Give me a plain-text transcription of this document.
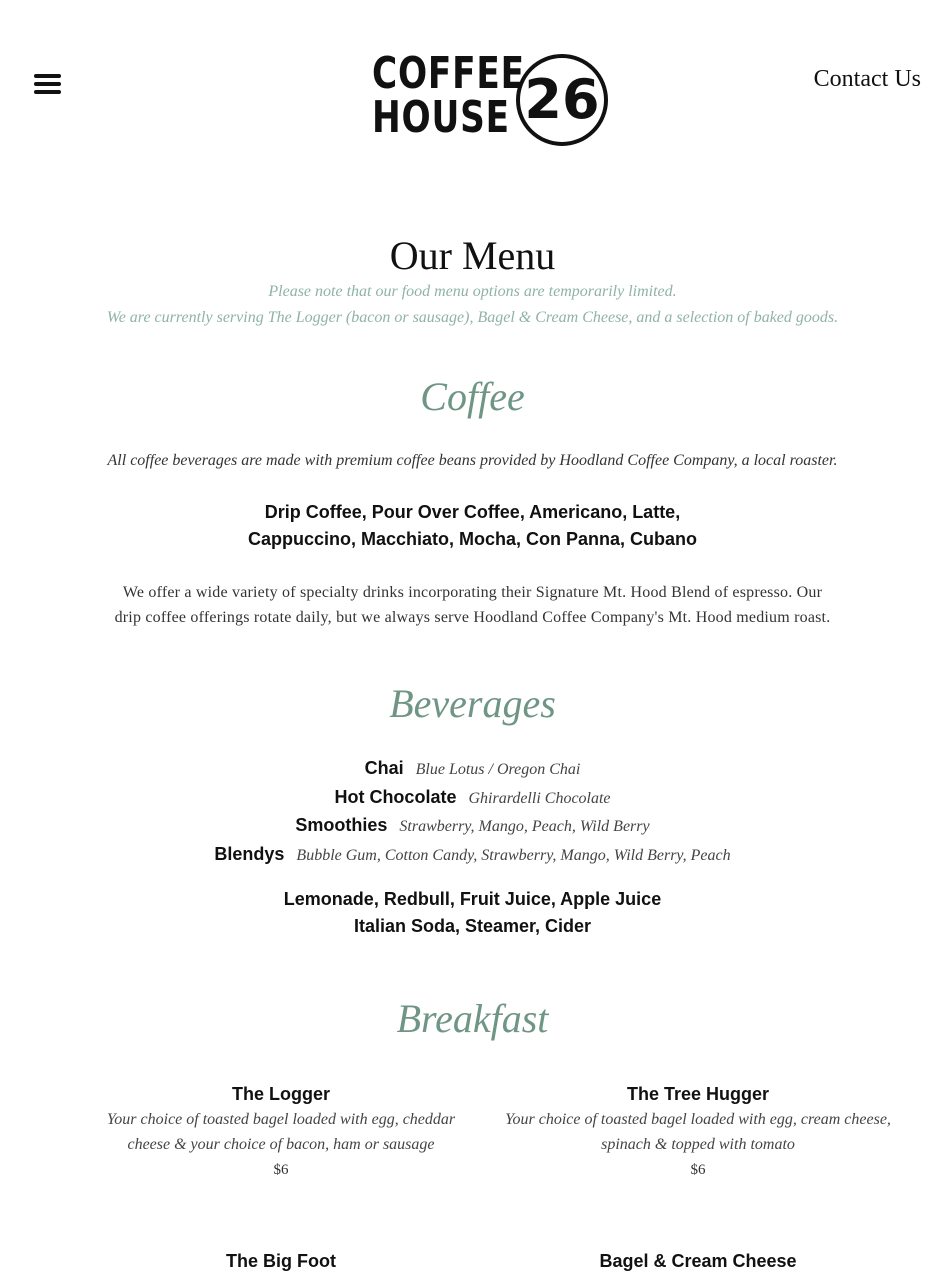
COFFEE
HOUSE 26	Contact Us
Our Menu
Please note that our food menu options are temporarily limited.
We are currently serving The Logger (bacon or sausage), Bagel & Cream Cheese, and a selection of baked goods.
Coffee
All coffee beverages are made with premium coffee beans provided by Hoodland Coffee Company, a local roaster.
Drip Coffee, Pour Over Coffee, Americano, Latte,
Cappuccino, Macchiato, Mocha, Con Panna, Cubano
We offer a wide variety of specialty drinks incorporating their Signature Mt. Hood Blend of espresso. Our
drip coffee offerings rotate daily, but we always serve Hoodland Coffee Company's Mt. Hood medium roast.
Beverages
Chai Blue Lotus / Oregon Chai
Hot Chocolate Ghirardelli Chocolate
Smoothies Strawberry, Mango, Peach, Wild Berry
Blendys Bubble Gum, Cotton Candy, Strawberry, Mango, Wild Berry, Peach
Lemonade, Redbull, Fruit Juice, Apple Juice
Italian Soda, Steamer, Cider
Breakfast
The Logger
Your choice of toasted bagel loaded with egg, cheddar
cheese & your choice of bacon, ham or sausage
$6
The Tree Hugger
Your choice of toasted bagel loaded with egg, cream cheese,
spinach & topped with tomato
$6
The Big Foot	Bagel & Cream Cheese
